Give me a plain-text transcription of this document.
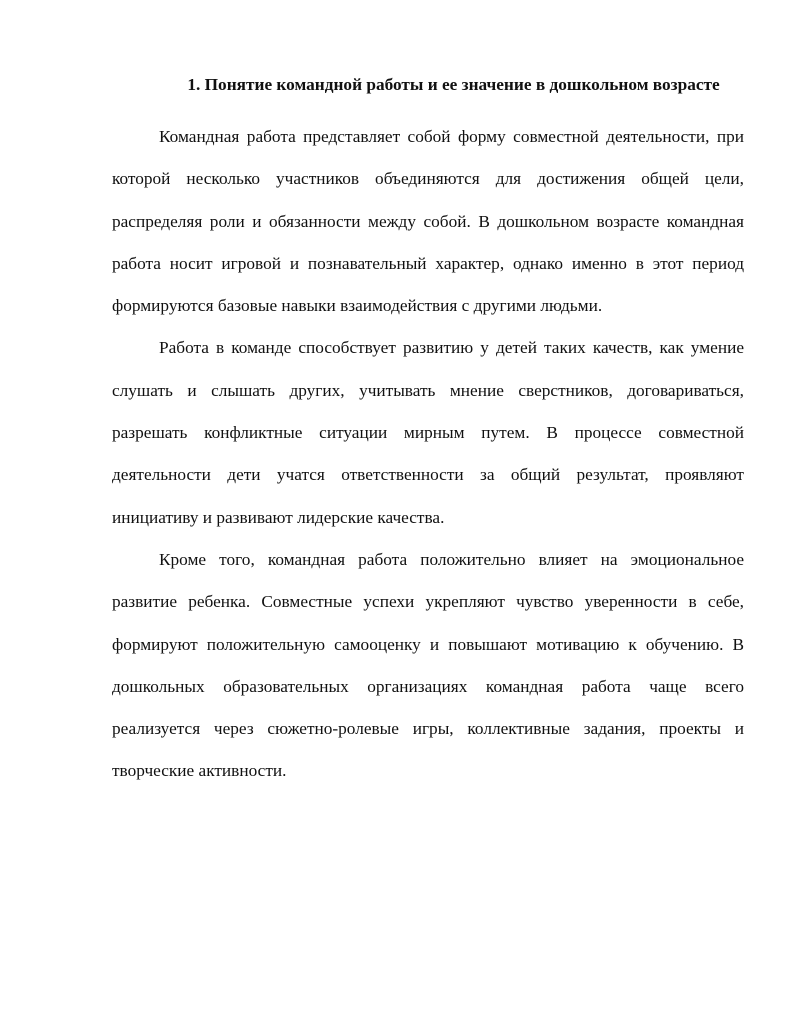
1. Понятие командной работы и ее значение в дошкольном возрасте

Командная работа представляет собой форму совместной деятельности, при которой несколько участников объединяются для достижения общей цели, распределяя роли и обязанности между собой. В дошкольном возрасте командная работа носит игровой и познавательный характер, однако именно в этот период формируются базовые навыки взаимодействия с другими людьми.

Работа в команде способствует развитию у детей таких качеств, как умение слушать и слышать других, учитывать мнение сверстников, договариваться, разрешать конфликтные ситуации мирным путем. В процессе совместной деятельности дети учатся ответственности за общий результат, проявляют инициативу и развивают лидерские качества.

Кроме того, командная работа положительно влияет на эмоциональное развитие ребенка. Совместные успехи укрепляют чувство уверенности в себе, формируют положительную самооценку и повышают мотивацию к обучению. В дошкольных образовательных организациях командная работа чаще всего реализуется через сюжетно-ролевые игры, коллективные задания, проекты и творческие активности.
